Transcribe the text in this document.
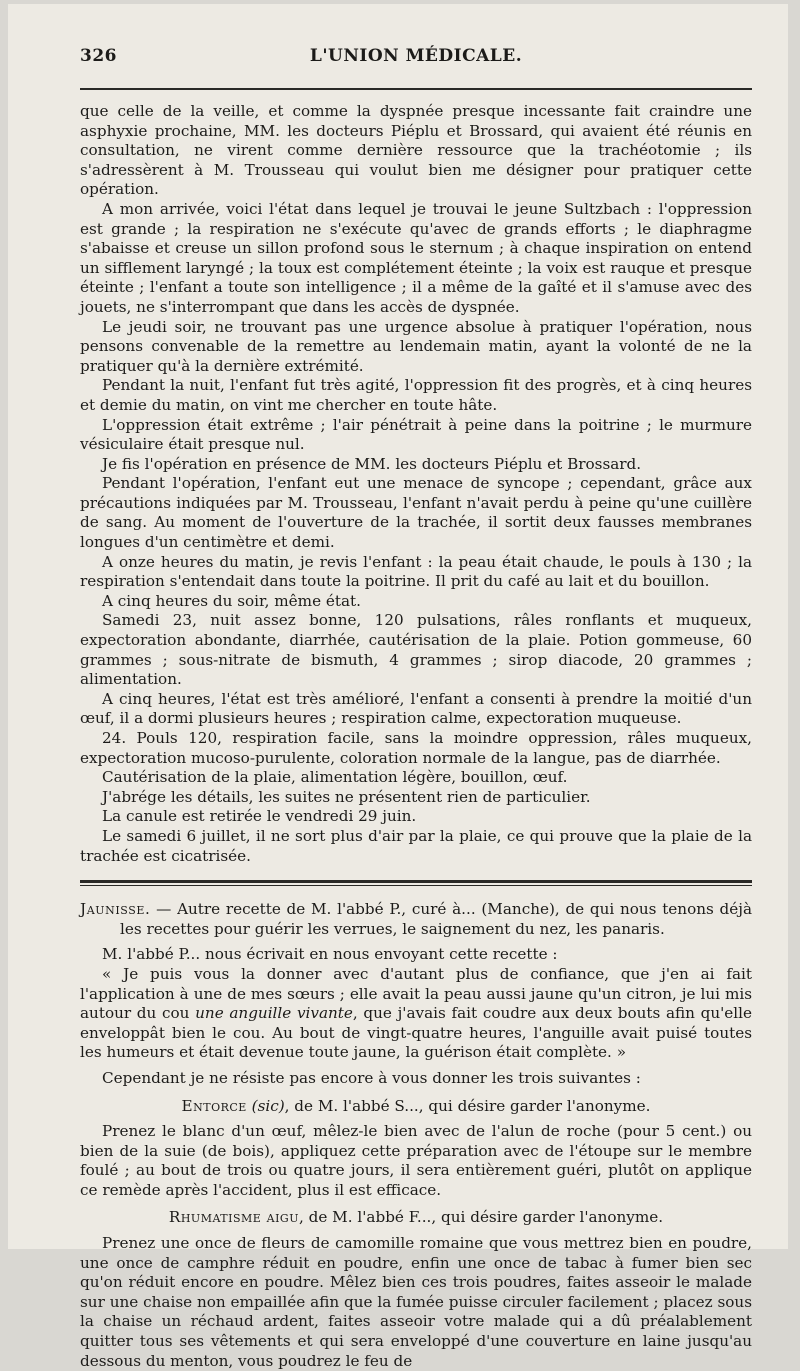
326	L'UNION MÉDICALE.

que celle de la veille, et comme la dyspnée presque incessante fait craindre une asphyxie prochaine, MM. les docteurs Piéplu et Brossard, qui avaient été réunis en consultation, ne virent comme dernière ressource que la trachéotomie ; ils s'adressèrent à M. Trousseau qui voulut bien me désigner pour pratiquer cette opération.

A mon arrivée, voici l'état dans lequel je trouvai le jeune Sultzbach : l'oppression est grande ; la respiration ne s'exécute qu'avec de grands efforts ; le diaphragme s'abaisse et creuse un sillon profond sous le sternum ; à chaque inspiration on entend un sifflement laryngé ; la toux est complétement éteinte ; la voix est rauque et presque éteinte ; l'enfant a toute son intelligence ; il a même de la gaîté et il s'amuse avec des jouets, ne s'interrompant que dans les accès de dyspnée.

Le jeudi soir, ne trouvant pas une urgence absolue à pratiquer l'opération, nous pensons convenable de la remettre au lendemain matin, ayant la volonté de ne la pratiquer qu'à la dernière extrémité.

Pendant la nuit, l'enfant fut très agité, l'oppression fit des progrès, et à cinq heures et demie du matin, on vint me chercher en toute hâte.

L'oppression était extrême ; l'air pénétrait à peine dans la poitrine ; le murmure vésiculaire était presque nul.

Je fis l'opération en présence de MM. les docteurs Piéplu et Brossard.

Pendant l'opération, l'enfant eut une menace de syncope ; cependant, grâce aux précautions indiquées par M. Trousseau, l'enfant n'avait perdu à peine qu'une cuillère de sang. Au moment de l'ouverture de la trachée, il sortit deux fausses membranes longues d'un centimètre et demi.

A onze heures du matin, je revis l'enfant : la peau était chaude, le pouls à 130 ; la respiration s'entendait dans toute la poitrine. Il prit du café au lait et du bouillon.

A cinq heures du soir, même état.

Samedi 23, nuit assez bonne, 120 pulsations, râles ronflants et muqueux, expectoration abondante, diarrhée, cautérisation de la plaie. Potion gommeuse, 60 grammes ; sous-nitrate de bismuth, 4 grammes ; sirop diacode, 20 grammes ; alimentation.

A cinq heures, l'état est très amélioré, l'enfant a consenti à prendre la moitié d'un œuf, il a dormi plusieurs heures ; respiration calme, expectoration muqueuse.

24. Pouls 120, respiration facile, sans la moindre oppression, râles muqueux, expectoration mucoso-purulente, coloration normale de la langue, pas de diarrhée.

Cautérisation de la plaie, alimentation légère, bouillon, œuf.

J'abrége les détails, les suites ne présentent rien de particulier.

La canule est retirée le vendredi 29 juin.

Le samedi 6 juillet, il ne sort plus d'air par la plaie, ce qui prouve que la plaie de la trachée est cicatrisée.

Jaunisse. — Autre recette de M. l'abbé P., curé à... (Manche), de qui nous tenons déjà les recettes pour guérir les verrues, le saignement du nez, les panaris.

M. l'abbé P... nous écrivait en nous envoyant cette recette :

« Je puis vous la donner avec d'autant plus de confiance, que j'en ai fait l'application à une de mes sœurs ; elle avait la peau aussi jaune qu'un citron, je lui mis autour du cou une anguille vivante, que j'avais fait coudre aux deux bouts afin qu'elle enveloppât bien le cou. Au bout de vingt-quatre heures, l'anguille avait puisé toutes les humeurs et était devenue toute jaune, la guérison était complète. »

Cependant je ne résiste pas encore à vous donner les trois suivantes :

Entorce (sic), de M. l'abbé S..., qui désire garder l'anonyme.

Prenez le blanc d'un œuf, mêlez-le bien avec de l'alun de roche (pour 5 cent.) ou bien de la suie (de bois), appliquez cette préparation avec de l'étoupe sur le membre foulé ; au bout de trois ou quatre jours, il sera entièrement guéri, plutôt on applique ce remède après l'accident, plus il est efficace.

Rhumatisme aigu, de M. l'abbé F..., qui désire garder l'anonyme.

Prenez une once de fleurs de camomille romaine que vous mettrez bien en poudre, une once de camphre réduit en poudre, enfin une once de tabac à fumer bien sec qu'on réduit encore en poudre. Mêlez bien ces trois poudres, faites asseoir le malade sur une chaise non empaillée afin que la fumée puisse circuler facilement ; placez sous la chaise un réchaud ardent, faites asseoir votre malade qui a dû préalablement quitter tous ses vêtements et qui sera enveloppé d'une couverture en laine jusqu'au dessous du menton, vous poudrez le feu de
